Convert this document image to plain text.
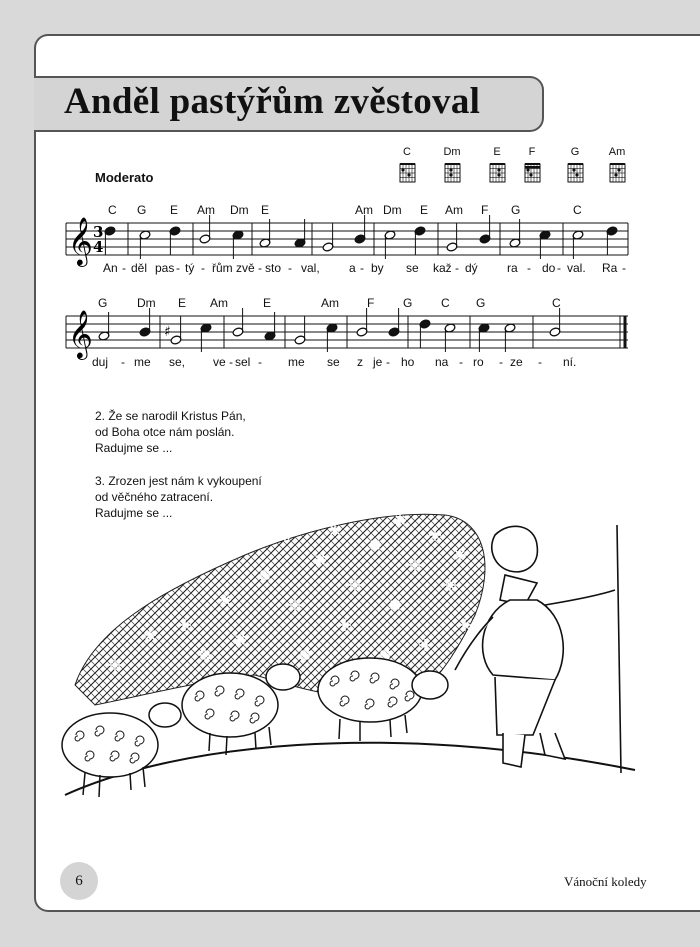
Anděl pastýřům zvěstoval
C	Dm	E	F	G	Am
Moderato
𝄞
𝄞
3
4
♯
C G E Am Dm E	Am Dm E Am F G	C
An - děl pas - tý - řům zvě - sto - val, a - by se kaž - dý ra - do - val. Ra -
G Dm E Am	E	Am F G C G	C
duj - me se, ve - sel - me se z je - ho na - ro - ze - ní.
2. Že se narodil Kristus Pán,
od Boha otce nám poslán.
Radujme se ...
3. Zrozen jest nám k vykoupení
od věčného zatracení.
Radujme se ...
6	Vánoční koledy
